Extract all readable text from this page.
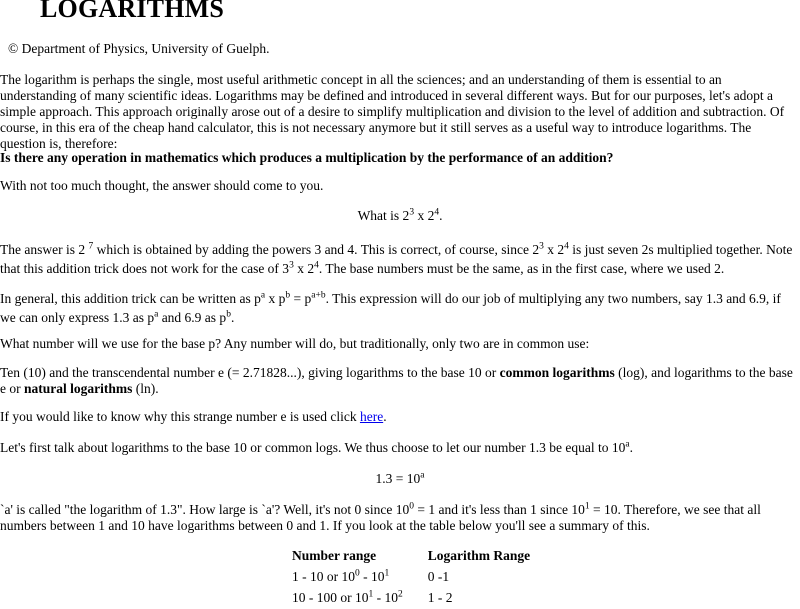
LOGARITHMS

© Department of Physics, University of Guelph.

The logarithm is perhaps the single, most useful arithmetic concept in all the sciences; and an understanding of them is essential to an understanding of many scientific ideas. Logarithms may be defined and introduced in several different ways. But for our purposes, let's adopt a simple approach. This approach originally arose out of a desire to simplify multiplication and division to the level of addition and subtraction. Of course, in this era of the cheap hand calculator, this is not necessary anymore but it still serves as a useful way to introduce logarithms. The question is, therefore:

Is there any operation in mathematics which produces a multiplication by the performance of an addition?

With not too much thought, the answer should come to you.

What is $2^3$ x $2^4$.

The answer is 2 $^7$ which is obtained by adding the powers 3 and 4. This is correct, of course, since $2^3$ x $2^4$ is just seven 2s multiplied together. Note that this addition trick does not work for the case of $3^3$ x $2^4$. The base numbers must be the same, as in the first case, where we used 2.

In general, this addition trick can be written as $p^a$ x $p^b = p^{a+b}$. This expression will do our job of multiplying any two numbers, say 1.3 and 6.9, if we can only express 1.3 as $p^a$ and 6.9 as $p^b$.

What number will we use for the base p? Any number will do, but traditionally, only two are in common use:

Ten (10) and the transcendental number e (= 2.71828...), giving logarithms to the base 10 or common logarithms (log), and logarithms to the base e or natural logarithms (ln).

If you would like to know why this strange number e is used click here.

Let's first talk about logarithms to the base 10 or common logs. We thus choose to let our number 1.3 be equal to 10$^a$.

$1.3 = 10^a$

`a' is called "the logarithm of 1.3". How large is `a'? Well, it's not 0 since $10^0 = 1$ and it's less than 1 since $10^1 = 10$. Therefore, we see that all numbers between 1 and 10 have logarithms between 0 and 1. If you look at the table below you'll see a summary of this.

Number range	Logarithm Range
1 - 10 or $10^0 - 10^1$	0 -1
10 - 100 or $10^1 - 10^2$	1 - 2
